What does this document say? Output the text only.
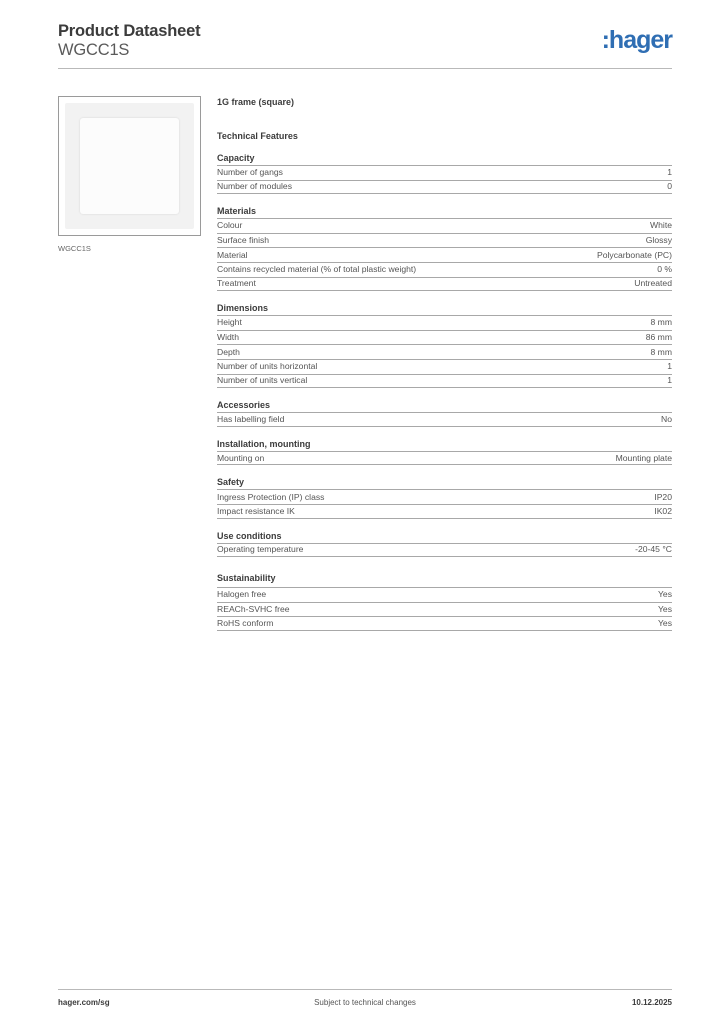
Product Datasheet
WGCC1S	:hager
WGCC1S
1G frame (square)
Technical Features
Capacity
Number of gangs	1
Number of modules	0
Materials
Colour	White
Surface finish	Glossy
Material	Polycarbonate (PC)
Contains recycled material (% of total plastic weight)	0 %
Treatment	Untreated
Dimensions
Height	8 mm
Width	86 mm
Depth	8 mm
Number of units horizontal	1
Number of units vertical	1
Accessories
Has labelling field	No
Installation, mounting
Mounting on	Mounting plate
Safety
Ingress Protection (IP) class	IP20
Impact resistance IK	IK02
Use conditions
Operating temperature	-20-45 °C
Sustainability
Halogen free	Yes
REACh-SVHC free	Yes
RoHS conform	Yes
hager.com/sg	Subject to technical changes	10.12.2025
